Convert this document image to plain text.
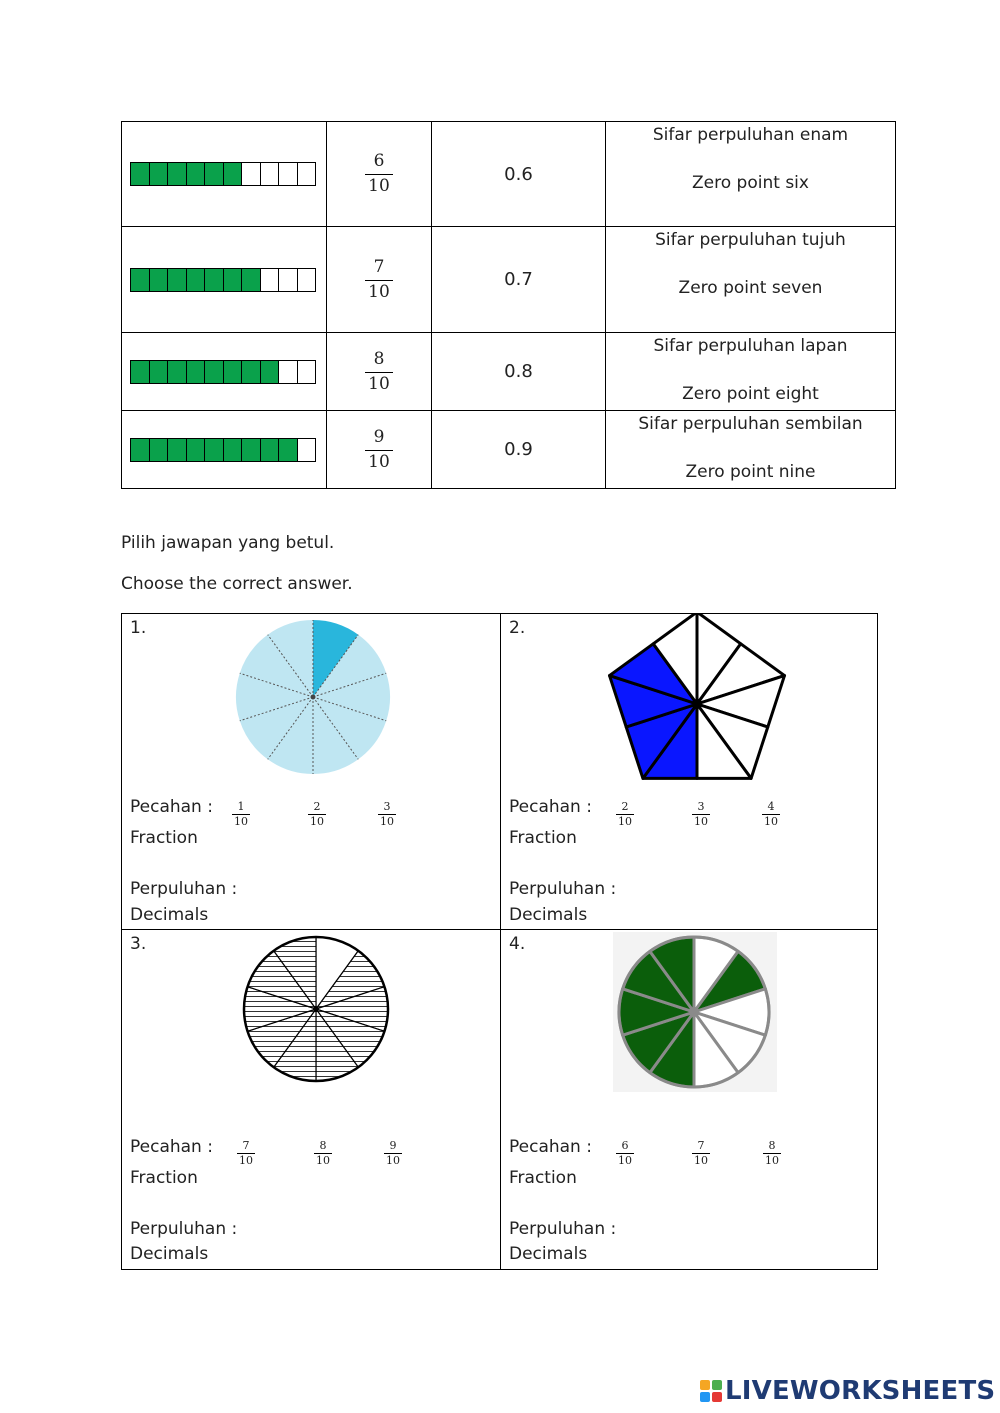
	$\frac{6}{10}$	0.6	Sifar perpuluhan enam
Zero point six

	$\frac{7}{10}$	0.7	Sifar perpuluhan tujuh
Zero point seven

	$\frac{8}{10}$	0.8	Sifar perpuluhan lapan
Zero point eight

	$\frac{9}{10}$	0.9	Sifar perpuluhan sembilan
Zero point nine
Pilih jawapan yang betul.
Choose the correct answer.
1.
Pecahan :
Fraction
Perpuluhan :
Decimals
$\frac{1}{10}$	$\frac{2}{10}$	$\frac{3}{10}$
2.
Pecahan :
Fraction
Perpuluhan :
Decimals
$\frac{2}{10}$	$\frac{3}{10}$	$\frac{4}{10}$
3.
Pecahan :
Fraction
Perpuluhan :
Decimals
$\frac{7}{10}$	$\frac{8}{10}$	$\frac{9}{10}$
4.
Pecahan :
Fraction
Perpuluhan :
Decimals
$\frac{6}{10}$	$\frac{7}{10}$	$\frac{8}{10}$
LIVEWORKSHEETS
